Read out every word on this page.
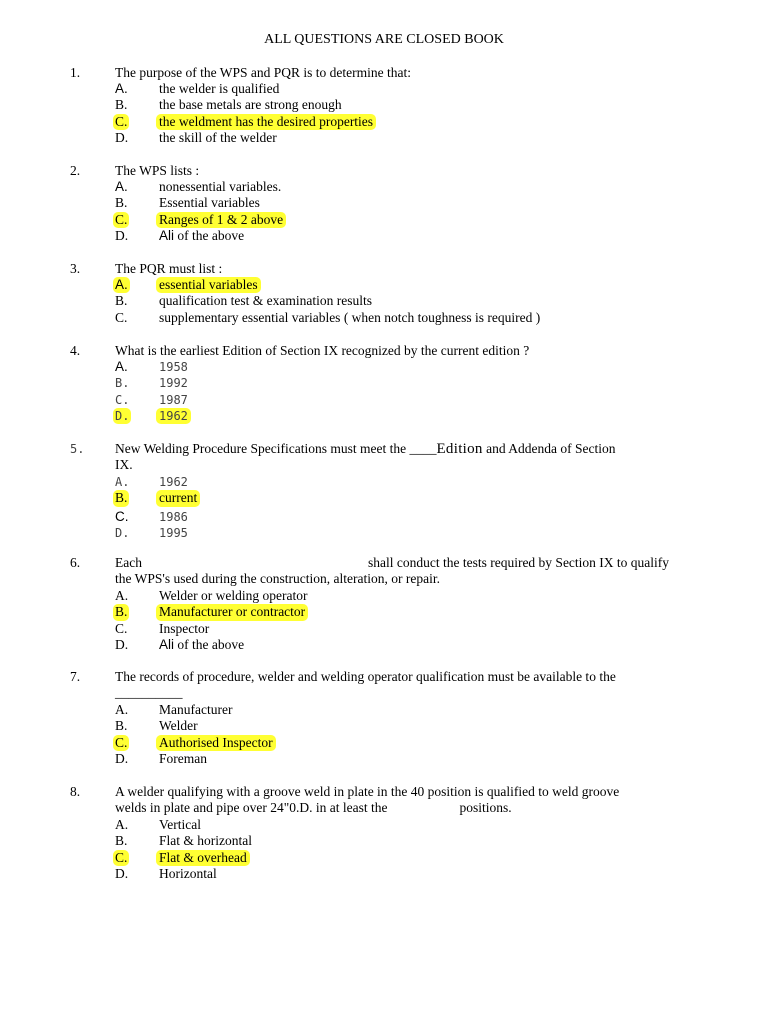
ALL QUESTIONS ARE CLOSED BOOK
1.	The purpose of the WPS and PQR is to determine that:
A. the welder is qualified
B. the base metals are strong enough
C. the weldment has the desired properties
D. the skill of the welder
2.	The WPS lists :
A. nonessential variables.
B. Essential variables
C. Ranges of 1 & 2 above
D. Ali of the above
3.	The PQR must list :
A. essential variables
B. qualification test & examination results
C. supplementary essential variables ( when notch toughness is required )
4.	What is the earliest Edition of Section IX recognized by the current edition ?
A.	1958
B. 1992
C. 1987
D. 1962
5. New Welding Procedure Specifications must meet the ____Edition and Addenda of Section
IX.
A. 1962
B. current
C.	1986
D. 1995
6.	Each	shall conduct the tests required by Section IX to qualify
the WPS's used during the construction, alteration, or repair.
A. Welder or welding operator
B. Manufacturer or contractor
C. Inspector
D. Ali of the above
7.	The records of procedure, welder and welding operator qualification must be available to the
__________
A. Manufacturer
B. Welder
C. Authorised Inspector
D. Foreman
8.	A welder qualifying with a groove weld in plate in the 40 position is qualified to weld groove
welds in plate and pipe over 24"0.D. in at least the	positions.
A. Vertical
B. Flat & horizontal
C. Flat & overhead
D. Horizontal
